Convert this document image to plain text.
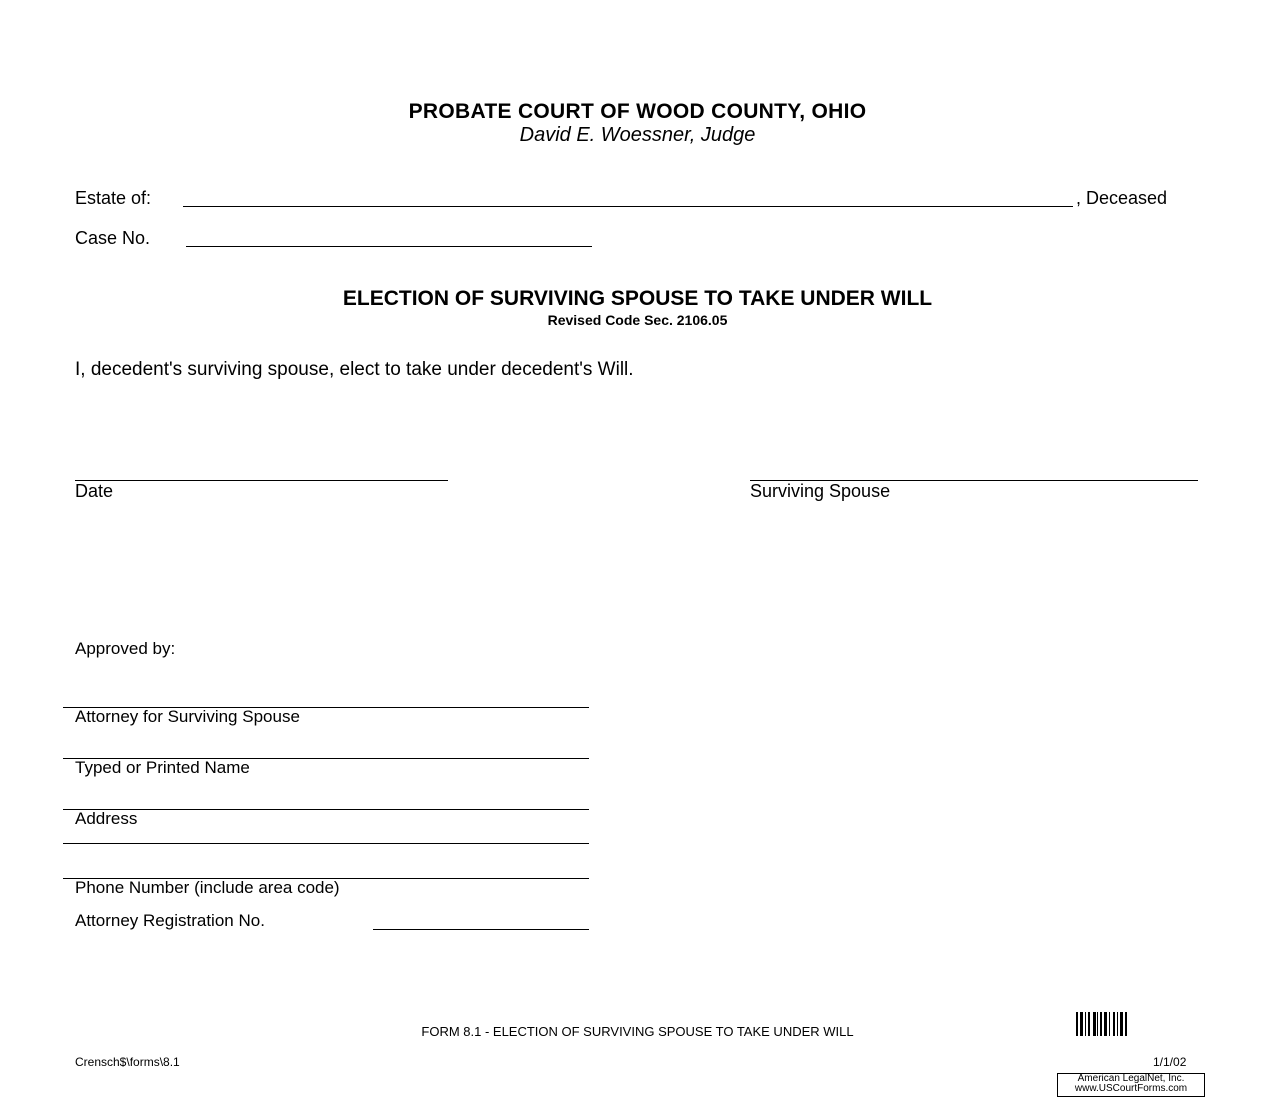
PROBATE COURT OF WOOD COUNTY, OHIO
David E. Woessner, Judge
Estate of:	, Deceased
Case No.
ELECTION OF SURVIVING SPOUSE TO TAKE UNDER WILL
Revised Code Sec. 2106.05
I, decedent's surviving spouse, elect to take under decedent's Will.
Date	Surviving Spouse
Approved by:
Attorney for Surviving Spouse
Typed or Printed Name
Address
Phone Number (include area code)
Attorney Registration No.
FORM 8.1 - ELECTION OF SURVIVING SPOUSE TO TAKE UNDER WILL
Crensch$\forms\8.1	1/1/02
American LegalNet, Inc.
www.USCourtForms.com
